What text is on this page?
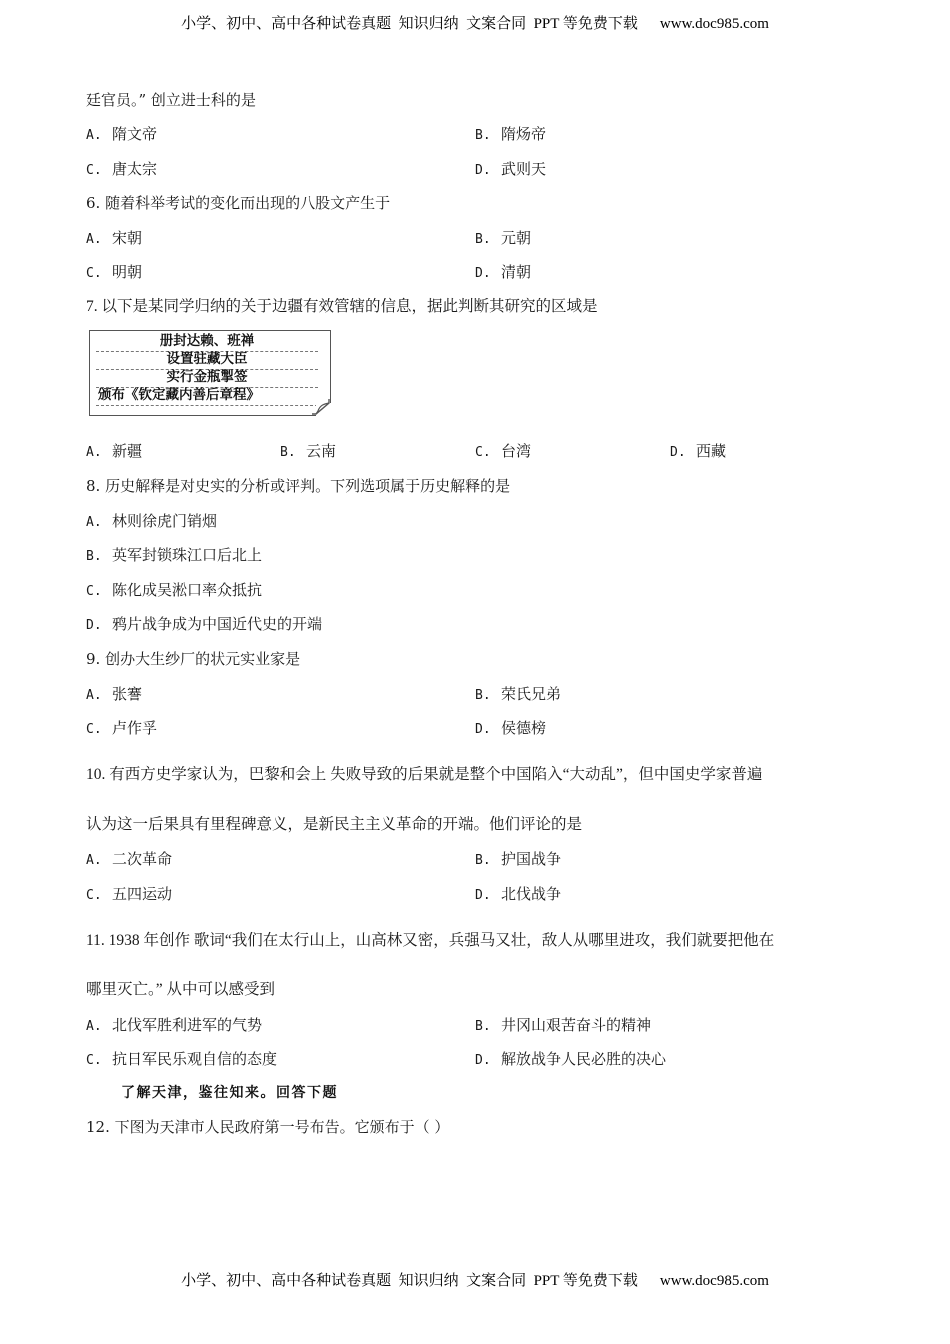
小学、初中、高中各种试卷真题  知识归纳  文案合同  PPT 等免费下载 www.doc985.com
廷官员。” 创立进士科的是
A. 隋文帝	B. 隋炀帝
C. 唐太宗	D. 武则天
6. 随着科举考试的变化而出现的八股文产生于
A. 宋朝	B. 元朝
C. 明朝	D. 清朝
7. 以下是某同学归纳的关于边疆有效管辖的信息，据此判断其研究的区域是
册封达赖、班禅
设置驻藏大臣
实行金瓶掣签
颁布《钦定藏内善后章程》
A. 新疆	B. 云南	C. 台湾	D. 西藏
8. 历史解释是对史实的分析或评判。下列选项属于历史解释的是
A. 林则徐虎门销烟
B. 英军封锁珠江口后北上
C. 陈化成吴淞口率众抵抗
D. 鸦片战争成为中国近代史的开端
9. 创办大生纱厂的状元实业家是
A. 张謇	B. 荣氏兄弟
C. 卢作孚	D. 侯德榜
10. 有西方史学家认为，巴黎和会上 失败导致的后果就是整个中国陷入“大动乱”，但中国史学家普遍
认为这一后果具有里程碑意义，是新民主主义革命的开端。他们评论的是
A. 二次革命	B. 护国战争
C. 五四运动	D. 北伐战争
11. 1938 年创作 歌词“我们在太行山上，山高林又密，兵强马又壮，敌人从哪里进攻，我们就要把他在
哪里灭亡。” 从中可以感受到
A. 北伐军胜利进军的气势	B. 井冈山艰苦奋斗的精神
C. 抗日军民乐观自信的态度	D. 解放战争人民必胜的决心
了解天津，鉴往知来。回答下题
12. 下图为天津市人民政府第一号布告。它颁布于（ ）
小学、初中、高中各种试卷真题  知识归纳  文案合同  PPT 等免费下载 www.doc985.com
